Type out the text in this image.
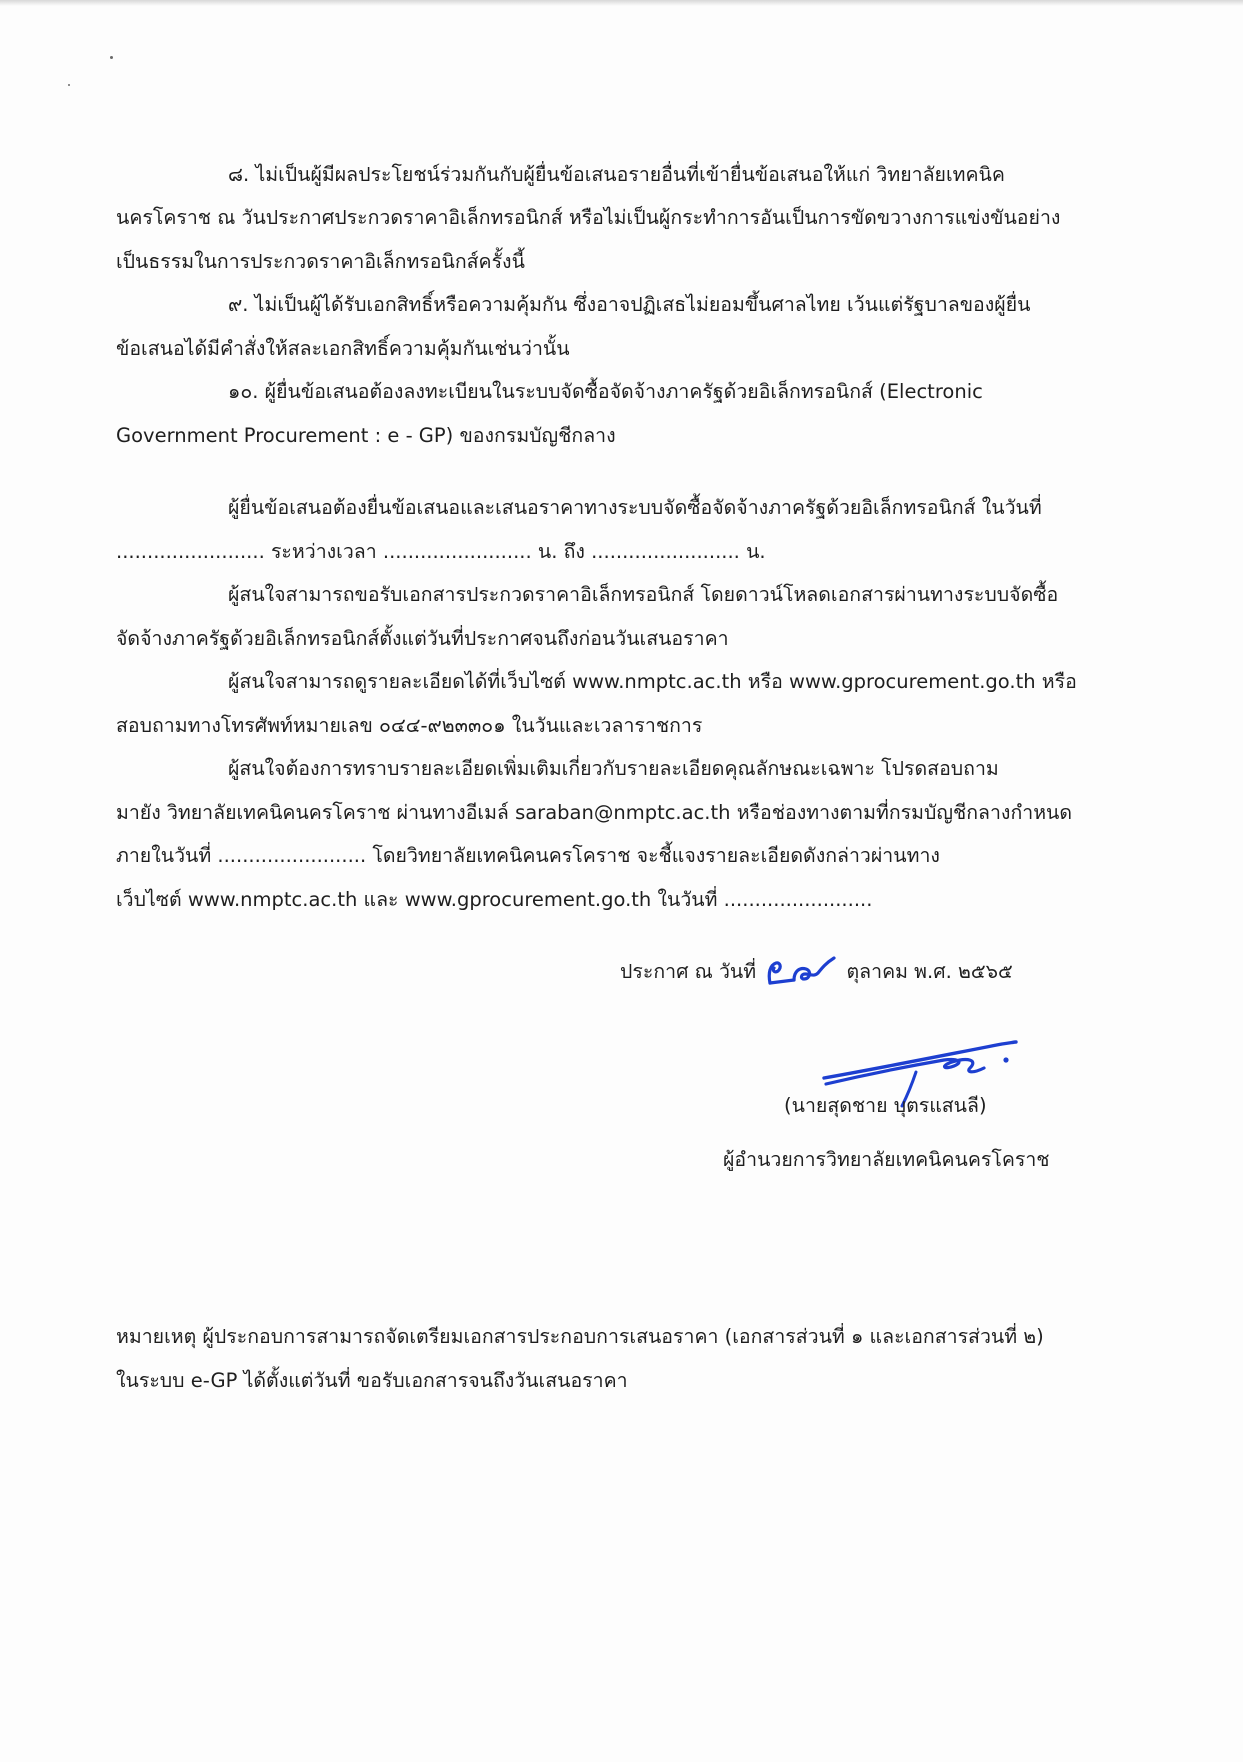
๘. ไม่เป็นผู้มีผลประโยชน์ร่วมกันกับผู้ยื่นข้อเสนอรายอื่นที่เข้ายื่นข้อเสนอให้แก่ วิทยาลัยเทคนิค
นครโคราช ณ วันประกาศประกวดราคาอิเล็กทรอนิกส์ หรือไม่เป็นผู้กระทำการอันเป็นการขัดขวางการแข่งขันอย่าง
เป็นธรรมในการประกวดราคาอิเล็กทรอนิกส์ครั้งนี้
๙. ไม่เป็นผู้ได้รับเอกสิทธิ์หรือความคุ้มกัน ซึ่งอาจปฏิเสธไม่ยอมขึ้นศาลไทย เว้นแต่รัฐบาลของผู้ยื่น
ข้อเสนอได้มีคำสั่งให้สละเอกสิทธิ์ความคุ้มกันเช่นว่านั้น
๑๐. ผู้ยื่นข้อเสนอต้องลงทะเบียนในระบบจัดซื้อจัดจ้างภาครัฐด้วยอิเล็กทรอนิกส์ (Electronic
Government Procurement : e - GP) ของกรมบัญชีกลาง
ผู้ยื่นข้อเสนอต้องยื่นข้อเสนอและเสนอราคาทางระบบจัดซื้อจัดจ้างภาครัฐด้วยอิเล็กทรอนิกส์ ในวันที่
........................ ระหว่างเวลา ........................ น. ถึง ........................ น.
ผู้สนใจสามารถขอรับเอกสารประกวดราคาอิเล็กทรอนิกส์ โดยดาวน์โหลดเอกสารผ่านทางระบบจัดซื้อ
จัดจ้างภาครัฐด้วยอิเล็กทรอนิกส์ตั้งแต่วันที่ประกาศจนถึงก่อนวันเสนอราคา
ผู้สนใจสามารถดูรายละเอียดได้ที่เว็บไซต์ www.nmptc.ac.th หรือ www.gprocurement.go.th หรือ
สอบถามทางโทรศัพท์หมายเลข ๐๔๔-๙๒๓๓๐๑ ในวันและเวลาราชการ
ผู้สนใจต้องการทราบรายละเอียดเพิ่มเติมเกี่ยวกับรายละเอียดคุณลักษณะเฉพาะ โปรดสอบถาม
มายัง วิทยาลัยเทคนิคนครโคราช ผ่านทางอีเมล์ saraban@nmptc.ac.th หรือช่องทางตามที่กรมบัญชีกลางกำหนด
ภายในวันที่ ........................ โดยวิทยาลัยเทคนิคนครโคราช จะชี้แจงรายละเอียดดังกล่าวผ่านทาง
เว็บไซต์ www.nmptc.ac.th และ www.gprocurement.go.th ในวันที่ ........................
ประกาศ ณ วันที่	ตุลาคม พ.ศ. ๒๕๖๕
(นายสุดชาย บุตรแสนลี)
ผู้อำนวยการวิทยาลัยเทคนิคนครโคราช
หมายเหตุ ผู้ประกอบการสามารถจัดเตรียมเอกสารประกอบการเสนอราคา (เอกสารส่วนที่ ๑ และเอกสารส่วนที่ ๒)
ในระบบ e-GP ได้ตั้งแต่วันที่ ขอรับเอกสารจนถึงวันเสนอราคา
